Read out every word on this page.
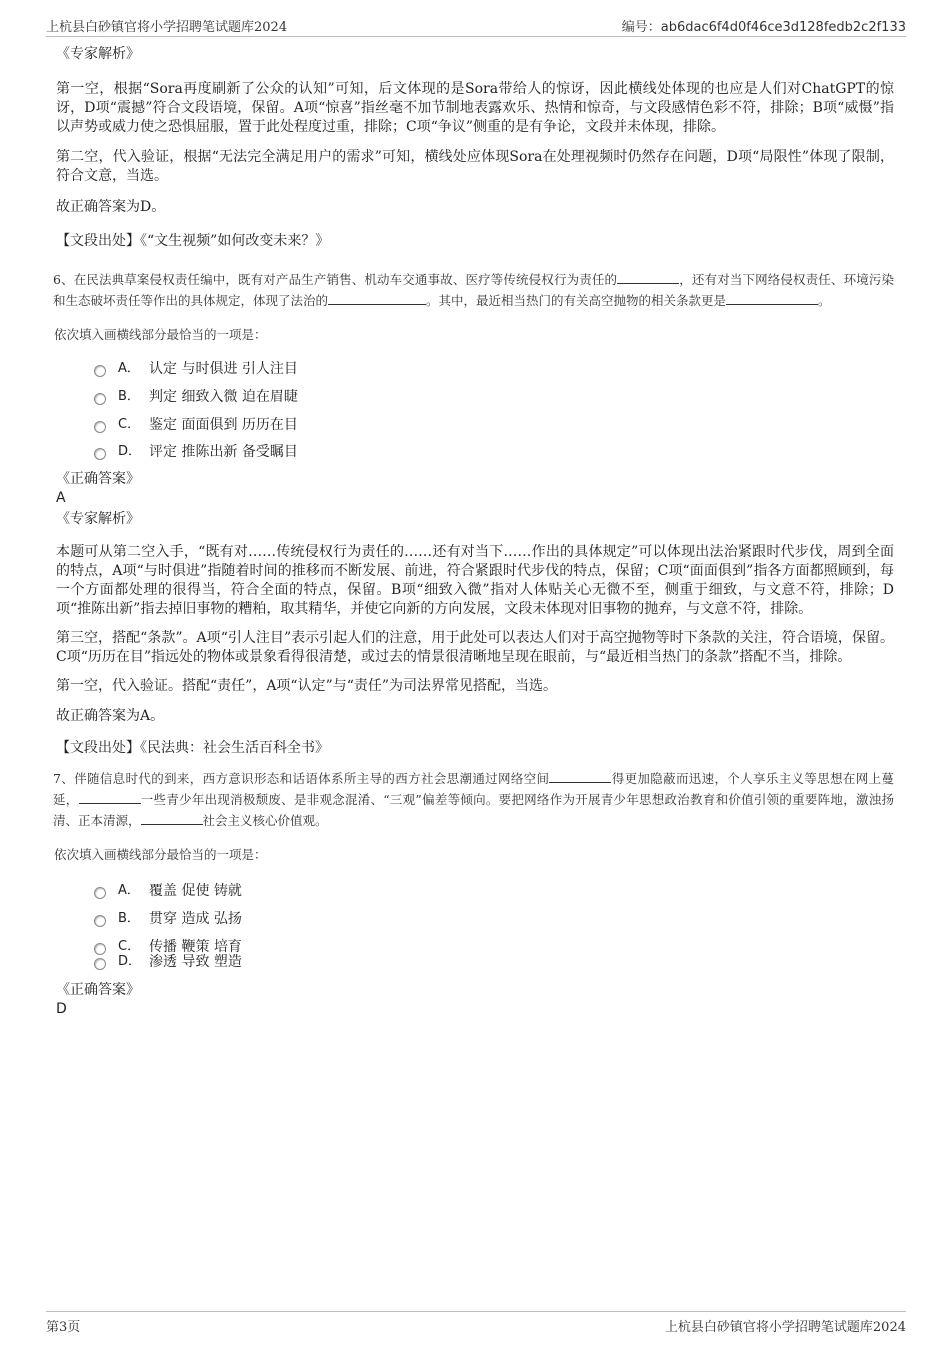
上杭县白砂镇官将小学招聘笔试题库2024	编号：ab6dac6f4d0f46ce3d128fedb2c2f133

《专家解析》

第一空，根据“Sora再度刷新了公众的认知”可知，后文体现的是Sora带给人的惊讶，因此横线处体现的也应是人们对ChatGPT的惊讶，D项“震撼”符合文段语境，保留。A项“惊喜”指丝毫不加节制地表露欢乐、热情和惊奇，与文段感情色彩不符，排除；B项“威慑”指以声势或威力使之恐惧屈服，置于此处程度过重，排除；C项“争议”侧重的是有争论，文段并未体现，排除。

第二空，代入验证，根据“无法完全满足用户的需求”可知，横线处应体现Sora在处理视频时仍然存在问题，D项“局限性”体现了限制，符合文意，当选。

故正确答案为D。

【文段出处】《“文生视频”如何改变未来？》

6、在民法典草案侵权责任编中，既有对产品生产销售、机动车交通事故、医疗等传统侵权行为责任的	，还有对当下网络侵权责任、环境污染和生态破坏责任等作出的具体规定，体现了法治的	。其中，最近相当热门的有关高空抛物的相关条款更是	。

依次填入画横线部分最恰当的一项是：

A． 认定 与时俱进 引人注目
B． 判定 细致入微 迫在眉睫
C． 鉴定 面面俱到 历历在目
D． 评定 推陈出新 备受瞩目

《正确答案》

A

《专家解析》

本题可从第二空入手，“既有对……传统侵权行为责任的……还有对当下……作出的具体规定”可以体现出法治紧跟时代步伐，周到全面的特点，A项“与时俱进”指随着时间的推移而不断发展、前进，符合紧跟时代步伐的特点，保留；C项“面面俱到”指各方面都照顾到，每一个方面都处理的很得当，符合全面的特点，保留。B项“细致入微”指对人体贴关心无微不至，侧重于细致，与文意不符，排除；D项“推陈出新”指去掉旧事物的糟粕，取其精华，并使它向新的方向发展，文段未体现对旧事物的抛弃，与文意不符，排除。

第三空，搭配“条款”。A项“引人注目”表示引起人们的注意，用于此处可以表达人们对于高空抛物等时下条款的关注，符合语境，保留。C项“历历在目”指远处的物体或景象看得很清楚，或过去的情景很清晰地呈现在眼前，与“最近相当热门的条款”搭配不当，排除。

第一空，代入验证。搭配“责任”，A项“认定”与“责任”为司法界常见搭配，当选。

故正确答案为A。

【文段出处】《民法典：社会生活百科全书》

7、伴随信息时代的到来，西方意识形态和话语体系所主导的西方社会思潮通过网络空间	得更加隐蔽而迅速，个人享乐主义等思想在网上蔓延，	一些青少年出现消极颓废、是非观念混淆、“三观”偏差等倾向。要把网络作为开展青少年思想政治教育和价值引领的重要阵地，激浊扬清、正本清源，	社会主义核心价值观。

依次填入画横线部分最恰当的一项是：

A． 覆盖 促使 铸就
B． 贯穿 造成 弘扬
C． 传播 鞭策 培育
D． 渗透 导致 塑造

《正确答案》

D

第3页	上杭县白砂镇官将小学招聘笔试题库2024
